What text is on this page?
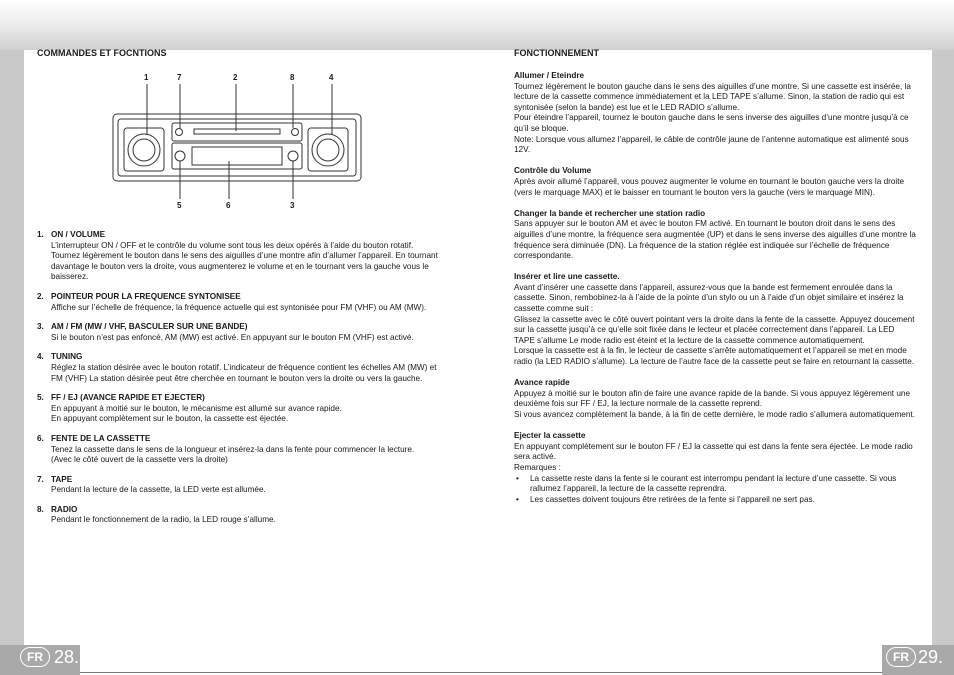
FR 28.	FR 29.
COMMANDES ET FOCNTIONS
1	7	2	8	4
5	6	3
1. ON / VOLUME
L’interrupteur ON / OFF et le contrôle du volume sont tous les deux opérés à l’aide du bouton rotatif.
Tournez légèrement le bouton dans le sens des aiguilles d’une montre afin d’allumer l’appareil. En tournant davantage le bouton vers la droite, vous augmenterez le volume et en le tournant vers la gauche vous le baisserez.
2. POINTEUR POUR LA FREQUENCE SYNTONISEE
Affiche sur l’échelle de fréquence, la fréquence actuelle qui est syntonisée pour FM (VHF) ou AM (MW).
3. AM / FM (MW / VHF, BASCULER SUR UNE BANDE)
Si le bouton n’est pas enfoncé, AM (MW) est activé. En appuyant sur le bouton FM (VHF) est activé.
4. TUNING
Réglez la station désirée avec le bouton rotatif. L’indicateur de fréquence contient les échelles AM (MW) et FM (VHF) La station désirée peut être cherchée en tournant le bouton vers la droite ou vers la gauche.
5. FF / EJ (AVANCE RAPIDE ET EJECTER)
En appuyant à moitié sur le bouton, le mécanisme est allumé sur avance rapide.
En appuyant complètement sur le bouton, la cassette est éjectée.
6. FENTE DE LA CASSETTE
Tenez la cassette dans le sens de la longueur et insérez-la dans la fente pour commencer la lecture.
(Avec le côté ouvert de la cassette vers la droite)
7. TAPE
Pendant la lecture de la cassette, la LED verte est allumée.
8. RADIO
Pendant le fonctionnement de la radio, la LED rouge s’allume.
FONCTIONNEMENT
Allumer / Eteindre
Tournez légèrement le bouton gauche dans le sens des aiguilles d’une montre. Si une cassette est insérée, la lecture de la cassette commence immédiatement et la LED TAPE s’allume. Sinon, la station de radio qui est syntonisée (selon la bande) est lue et le LED RADIO s’allume.
Pour éteindre l’appareil, tournez le bouton gauche dans le sens inverse des aiguilles d’une montre jusqu’à ce qu’il se bloque.
Note: Lorsque vous allumez l’appareil, le câble de contrôle jaune de l’antenne automatique est alimenté sous 12V.
Contrôle du Volume
Après avoir allumé l’appareil, vous pouvez augmenter le volume en tournant le bouton gauche vers la droite (vers le marquage MAX) et le baisser en tournant le bouton vers la gauche (vers le marquage MIN).
Changer la bande et rechercher une station radio
Sans appuyer sur le bouton AM et avec le bouton FM activé. En tournant le bouton droit dans le sens des aiguilles d’une montre, la fréquence sera augmentée (UP) et dans le sens inverse des aiguilles d’une montre la fréquence sera diminuée (DN). La fréquence de la station réglée est indiquée sur l’échelle de fréquence correspondante.
Insérer et lire une cassette.
Avant d’insérer une cassette dans l’appareil, assurez-vous que la bande est fermement enroulée dans la cassette. Sinon, rembobinez-la à l’aide de la pointe d’un stylo ou un à l’aide d’un objet similaire et insérez la cassette comme suit :
Glissez la cassette avec le côté ouvert pointant vers la droite dans la fente de la cassette. Appuyez doucement sur la cassette jusqu’à ce qu’elle soit fixée dans le lecteur et placée correctement dans l’appareil. La LED TAPE s’allume Le mode radio est éteint et la lecture de la cassette commence automatiquement.
Lorsque la cassette est à la fin, le lecteur de cassette s’arrête automatiquement et l’appareil se met en mode radio (la LED RADIO s’allume). La lecture de l’autre face de la cassette peut se faire en retournant la cassette.
Avance rapide
Appuyez à moitié sur le bouton afin de faire une avance rapide de la bande. Si vous appuyez légèrement une deuxième fois sur FF / EJ, la lecture normale de la cassette reprend.
Si vous avancez complètement la bande, à la fin de cette dernière, le mode radio s’allumera automatiquement.
Ejecter la cassette
En appuyant complètement sur le bouton FF / EJ la cassette qui est dans la fente sera éjectée. Le mode radio sera activé.
Remarques :
• La cassette reste dans la fente si le courant est interrompu pendant la lecture d’une cassette. Si vous rallumez l’appareil, la lecture de la cassette reprendra.
• Les cassettes doivent toujours être retirées de la fente si l’appareil ne sert pas.
